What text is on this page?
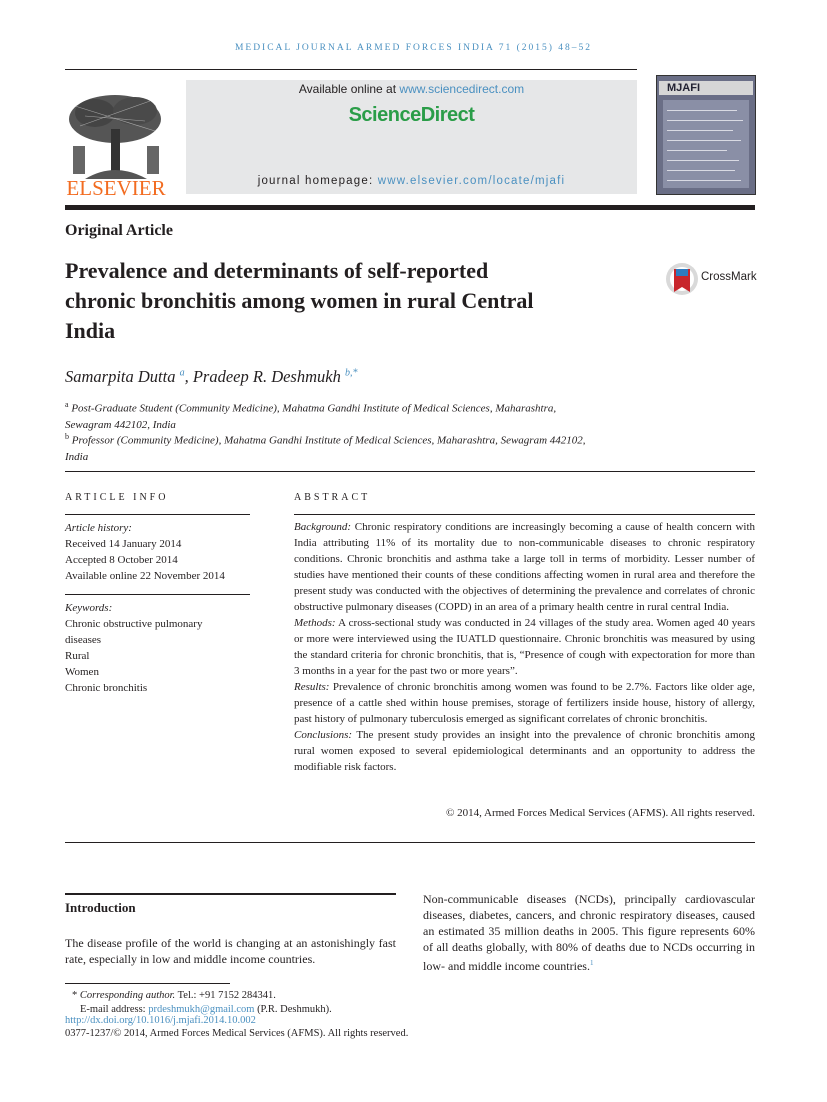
MEDICAL JOURNAL ARMED FORCES INDIA 71 (2015) 48–52
ELSEVIER
Available online at www.sciencedirect.com
ScienceDirect
journal homepage: www.elsevier.com/locate/mjafi
MJAFI
Original Article
Prevalence and determinants of self-reported
chronic bronchitis among women in rural Central
India
CrossMark
Samarpita Dutta $^a$, Pradeep R. Deshmukh $^{b,*}$
$^a$ Post-Graduate Student (Community Medicine), Mahatma Gandhi Institute of Medical Sciences, Maharashtra,
Sewagram 442102, India
$^b$ Professor (Community Medicine), Mahatma Gandhi Institute of Medical Sciences, Maharashtra, Sewagram 442102,
India
ARTICLE INFO
Article history:
Received 14 January 2014
Accepted 8 October 2014
Available online 22 November 2014
Keywords:
Chronic obstructive pulmonary
diseases
Rural
Women
Chronic bronchitis
ABSTRACT

Background: Chronic respiratory conditions are increasingly becoming a cause of health concern with India attributing 11% of its mortality due to non-communicable diseases to chronic respiratory conditions. Chronic bronchitis and asthma take a large toll in terms of morbidity. Lesser number of studies have mentioned their counts of these conditions affecting women in rural area and therefore the present study was conducted with the objectives of determining the prevalence and correlates of chronic obstructive pulmonary diseases (COPD) in an area of a primary health centre in rural central India.

Methods: A cross-sectional study was conducted in 24 villages of the study area. Women aged 40 years or more were interviewed using the IUATLD questionnaire. Chronic bronchitis was measured by using the standard criteria for chronic bronchitis, that is, “Presence of cough with expectoration for more than 3 months in a year for the past two or more years”.

Results: Prevalence of chronic bronchitis among women was found to be 2.7%. Factors like older age, presence of a cattle shed within house premises, storage of fertilizers inside house, history of allergy, past history of pulmonary tuberculosis emerged as significant correlates of chronic bronchitis.

Conclusions: The present study provides an insight into the prevalence of chronic bronchitis among rural women exposed to several epidemiological determinants and an opportunity to address the modifiable risk factors.

© 2014, Armed Forces Medical Services (AFMS). All rights reserved.
Introduction
The disease profile of the world is changing at an astonishingly fast rate, especially in low and middle income countries.
Non-communicable diseases (NCDs), principally cardiovascular diseases, diabetes, cancers, and chronic respiratory diseases, caused an estimated 35 million deaths in 2005. This figure represents 60% of all deaths globally, with 80% of deaths due to NCDs occurring in low- and middle income countries.$^1$
* Corresponding author. Tel.: +91 7152 284341.
E-mail address: prdeshmukh@gmail.com (P.R. Deshmukh).
http://dx.doi.org/10.1016/j.mjafi.2014.10.002
0377-1237/© 2014, Armed Forces Medical Services (AFMS). All rights reserved.
